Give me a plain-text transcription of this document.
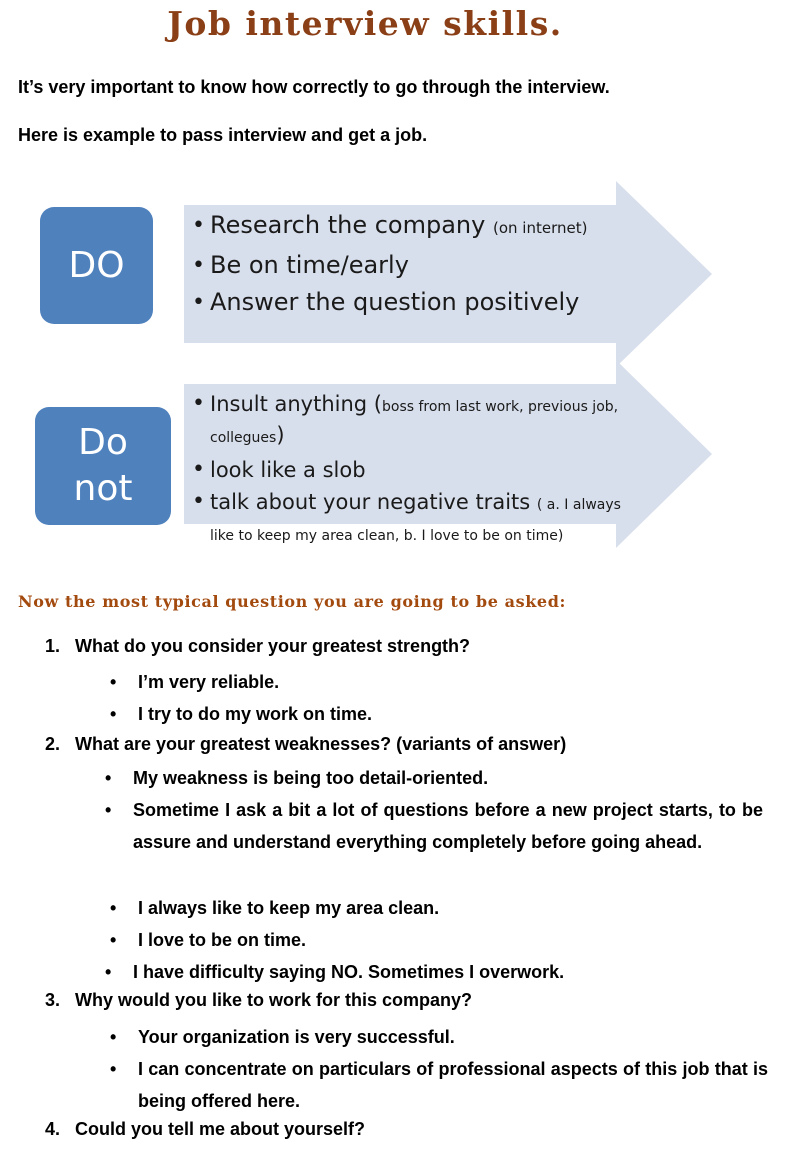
Job interview skills.
It’s very important to know how correctly to go through the interview.
Here is example to pass interview and get a job.
• Research the company (on internet)
• Be on time/early
• Answer the question positively
DO
• Insult anything (boss from last work, previous job, collegues)
• look like a slob
• talk about your negative traits ( a. I always like to keep my area clean, b. I love to be on time)
Do
not
Now the most typical question you are going to be asked:
1. What do you consider your greatest strength?
• I’m very reliable.
• I try to do my work on time.
2. What are your greatest weaknesses? (variants of answer)
• My weakness is being too detail-oriented.
• Sometime I ask a bit a lot of questions before a new project starts, to be assure and understand everything completely before going ahead.
• I always like to keep my area clean.
• I love to be on time.
• I have difficulty saying NO. Sometimes I overwork.
3. Why would you like to work for this company?
• Your organization is very successful.
• I can concentrate on particulars of professional aspects of this job that is being offered here.
4. Could you tell me about yourself?
